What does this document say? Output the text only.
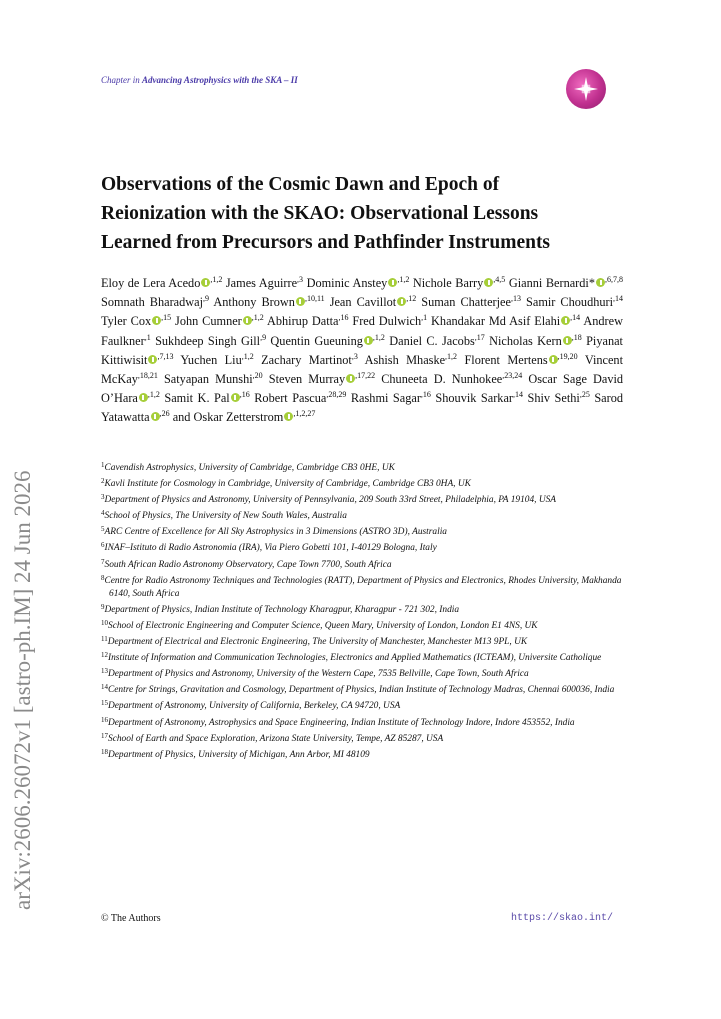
arXiv:2606.26072v1 [astro-ph.IM] 24 Jun 2026
Chapter in Advancing Astrophysics with the SKA – II
Observations of the Cosmic Dawn and Epoch of Reionization with the SKAO: Observational Lessons Learned from Precursors and Pathfinder Instruments
Eloy de Lera Acedo $^{,1,2}$ James Aguirre$^{,3}$ Dominic Anstey $^{,1,2}$ Nichole Barry $^{,4,5}$ Gianni Bernardi* $^{,6,7,8}$ Somnath Bharadwaj$^{,9}$ Anthony Brown $^{,10,11}$ Jean Cavillot $^{,12}$ Suman Chatterjee$^{,13}$ Samir Choudhuri$^{,14}$ Tyler Cox $^{,15}$ John Cumner $^{,1,2}$ Abhirup Datta$^{,16}$ Fred Dulwich$^{,1}$ Khandakar Md Asif Elahi $^{,14}$ Andrew Faulkner$^{,1}$ Sukhdeep Singh Gill$^{,9}$ Quentin Gueuning $^{,1,2}$ Daniel C. Jacobs$^{,17}$ Nicholas Kern $^{,18}$ Piyanat Kittiwisit $^{,7,13}$ Yuchen Liu$^{,1,2}$ Zachary Martinot$^{,3}$ Ashish Mhaske$^{,1,2}$ Florent Mertens $^{,19,20}$ Vincent McKay$^{,18,21}$ Satyapan Munshi$^{,20}$ Steven Murray $^{,17,22}$ Chuneeta D. Nunhokee$^{,23,24}$ Oscar Sage David O’Hara $^{,1,2}$ Samit K. Pal $^{,16}$ Robert Pascua$^{,28,29}$ Rashmi Sagar$^{,16}$ Shouvik Sarkar$^{,14}$ Shiv Sethi$^{,25}$ Sarod Yatawatta $^{,26}$ and Oskar Zetterstrom $^{,1,2,27}$
$^1$Cavendish Astrophysics, University of Cambridge, Cambridge CB3 0HE, UK
$^2$Kavli Institute for Cosmology in Cambridge, University of Cambridge, Cambridge CB3 0HA, UK
$^3$Department of Physics and Astronomy, University of Pennsylvania, 209 South 33rd Street, Philadelphia, PA 19104, USA
$^4$School of Physics, The University of New South Wales, Australia
$^5$ARC Centre of Excellence for All Sky Astrophysics in 3 Dimensions (ASTRO 3D), Australia
$^6$INAF–Istituto di Radio Astronomia (IRA), Via Piero Gobetti 101, I-40129 Bologna, Italy
$^7$South African Radio Astronomy Observatory, Cape Town 7700, South Africa
$^8$Centre for Radio Astronomy Techniques and Technologies (RATT), Department of Physics and Electronics, Rhodes University, Makhanda 6140, South Africa
$^9$Department of Physics, Indian Institute of Technology Kharagpur, Kharagpur - 721 302, India
$^{10}$School of Electronic Engineering and Computer Science, Queen Mary, University of London, London E1 4NS, UK
$^{11}$Department of Electrical and Electronic Engineering, The University of Manchester, Manchester M13 9PL, UK
$^{12}$Institute of Information and Communication Technologies, Electronics and Applied Mathematics (ICTEAM), Universite Catholique
$^{13}$Department of Physics and Astronomy, University of the Western Cape, 7535 Bellville, Cape Town, South Africa
$^{14}$Centre for Strings, Gravitation and Cosmology, Department of Physics, Indian Institute of Technology Madras, Chennai 600036, India
$^{15}$Department of Astronomy, University of California, Berkeley, CA 94720, USA
$^{16}$Department of Astronomy, Astrophysics and Space Engineering, Indian Institute of Technology Indore, Indore 453552, India
$^{17}$School of Earth and Space Exploration, Arizona State University, Tempe, AZ 85287, USA
$^{18}$Department of Physics, University of Michigan, Ann Arbor, MI 48109
© The Authors	https://skao.int/
